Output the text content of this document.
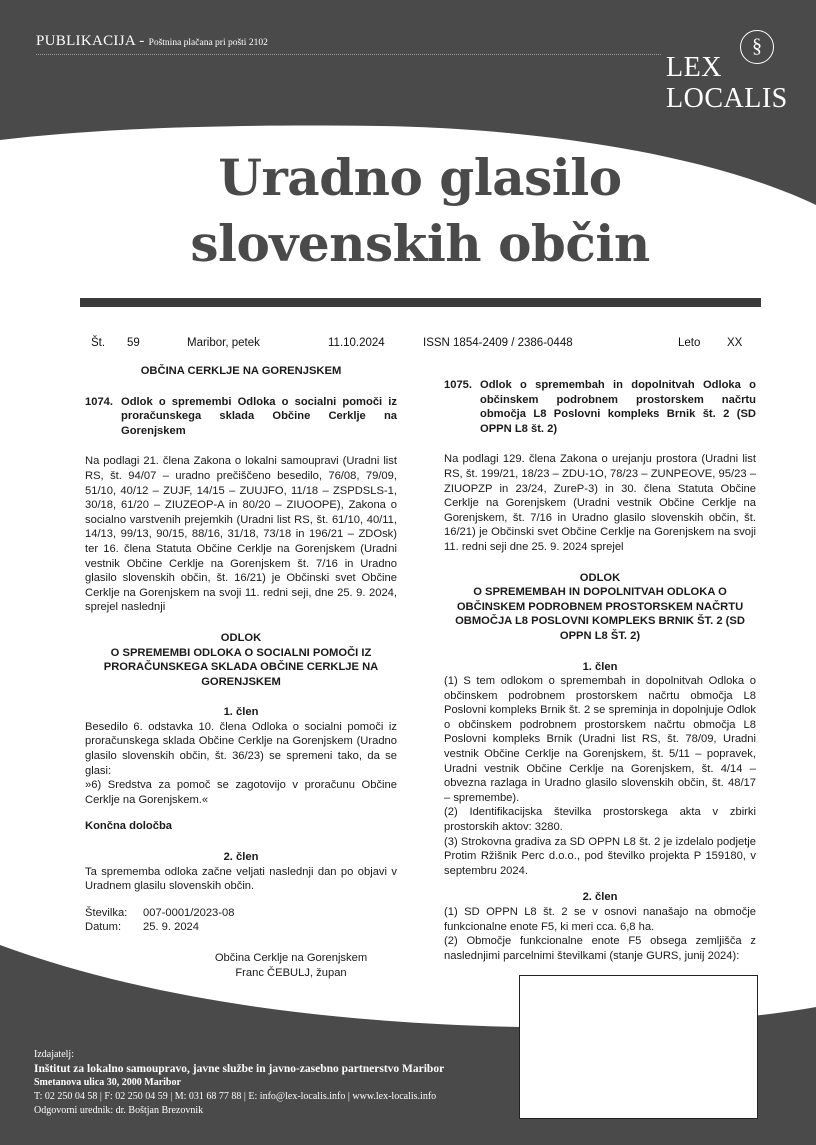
PUBLIKACIJA - Poštnina plačana pri pošti 2102	§
LEX
LOCALIS
Uradno glasilo
slovenskih občin
Št. 59	Maribor, petek	11.10.2024	ISSN 1854-2409 / 2386-0448	Leto XX
OBČINA CERKLJE NA GORENJSKEM
1074. Odlok o spremembi Odloka o socialni pomoči iz proračunskega sklada Občine Cerklje na Gorenjskem
Na podlagi 21. člena Zakona o lokalni samoupravi (Uradni list RS, št. 94/07 – uradno prečiščeno besedilo, 76/08, 79/09, 51/10, 40/12 – ZUJF, 14/15 – ZUUJFO, 11/18 – ZSPDSLS-1, 30/18, 61/20 – ZIUZEOP-A in 80/20 – ZIUOOPE), Zakona o socialno varstvenih prejemkih (Uradni list RS, št. 61/10, 40/11, 14/13, 99/13, 90/15, 88/16, 31/18, 73/18 in 196/21 – ZDOsk) ter 16. člena Statuta Občine Cerklje na Gorenjskem (Uradni vestnik Občine Cerklje na Gorenjskem št. 7/16 in Uradno glasilo slovenskih občin, št. 16/21) je Občinski svet Občine Cerklje na Gorenjskem na svoji 11. redni seji, dne 25. 9. 2024, sprejel naslednji
ODLOK
O SPREMEMBI ODLOKA O SOCIALNI POMOČI IZ PRORAČUNSKEGA SKLADA OBČINE CERKLJE NA GORENJSKEM
1. člen
Besedilo 6. odstavka 10. člena Odloka o socialni pomoči iz proračunskega sklada Občine Cerklje na Gorenjskem (Uradno glasilo slovenskih občin, št. 36/23) se spremeni tako, da se glasi:
»6) Sredstva za pomoč se zagotovijo v proračunu Občine Cerklje na Gorenjskem.«
Končna določba
2. člen
Ta sprememba odloka začne veljati naslednji dan po objavi v Uradnem glasilu slovenskih občin.
Številka:	007-0001/2023-08
Datum:	25. 9. 2024
Občina Cerklje na Gorenjskem
Franc ČEBULJ, župan
1075. Odlok o spremembah in dopolnitvah Odloka o občinskem podrobnem prostorskem načrtu območja L8 Poslovni kompleks Brnik št. 2 (SD OPPN L8 št. 2)
Na podlagi 129. člena Zakona o urejanju prostora (Uradni list RS, št. 199/21, 18/23 – ZDU-1O, 78/23 – ZUNPEOVE, 95/23 – ZIUOPZP in 23/24, ZureP-3) in 30. člena Statuta Občine Cerklje na Gorenjskem (Uradni vestnik Občine Cerklje na Gorenjskem, št. 7/16 in Uradno glasilo slovenskih občin, št. 16/21) je Občinski svet Občine Cerklje na Gorenjskem na svoji 11. redni seji dne 25. 9. 2024 sprejel
ODLOK
O SPREMEMBAH IN DOPOLNITVAH ODLOKA O OBČINSKEM PODROBNEM PROSTORSKEM NAČRTU OBMOČJA L8 POSLOVNI KOMPLEKS BRNIK ŠT. 2 (SD OPPN L8 ŠT. 2)
1. člen
(1) S tem odlokom o spremembah in dopolnitvah Odloka o občinskem podrobnem prostorskem načrtu območja L8 Poslovni kompleks Brnik št. 2 se spreminja in dopolnjuje Odlok o občinskem podrobnem prostorskem načrtu območja L8 Poslovni kompleks Brnik (Uradni list RS, št. 78/09, Uradni vestnik Občine Cerklje na Gorenjskem, št. 5/11 – popravek, Uradni vestnik Občine Cerklje na Gorenjskem, št. 4/14 – obvezna razlaga in Uradno glasilo slovenskih občin, št. 48/17 – spremembe).
(2) Identifikacijska številka prostorskega akta v zbirki prostorskih aktov: 3280.
(3) Strokovna gradiva za SD OPPN L8 št. 2 je izdelalo podjetje Protim Ržišnik Perc d.o.o., pod številko projekta P 159180, v septembru 2024.
2. člen
(1) SD OPPN L8 št. 2 se v osnovi nanašajo na območje funkcionalne enote F5, ki meri cca. 6,8 ha.
(2) Območje funkcionalne enote F5 obsega zemljišča z naslednjimi parcelnimi številkami (stanje GURS, junij 2024):
Izdajatelj:
Inštitut za lokalno samoupravo, javne službe in javno-zasebno partnerstvo Maribor
Smetanova ulica 30, 2000 Maribor
T: 02 250 04 58 | F: 02 250 04 59 | M: 031 68 77 88 | E: info@lex-localis.info | www.lex-localis.info
Odgovorni urednik: dr. Boštjan Brezovnik
